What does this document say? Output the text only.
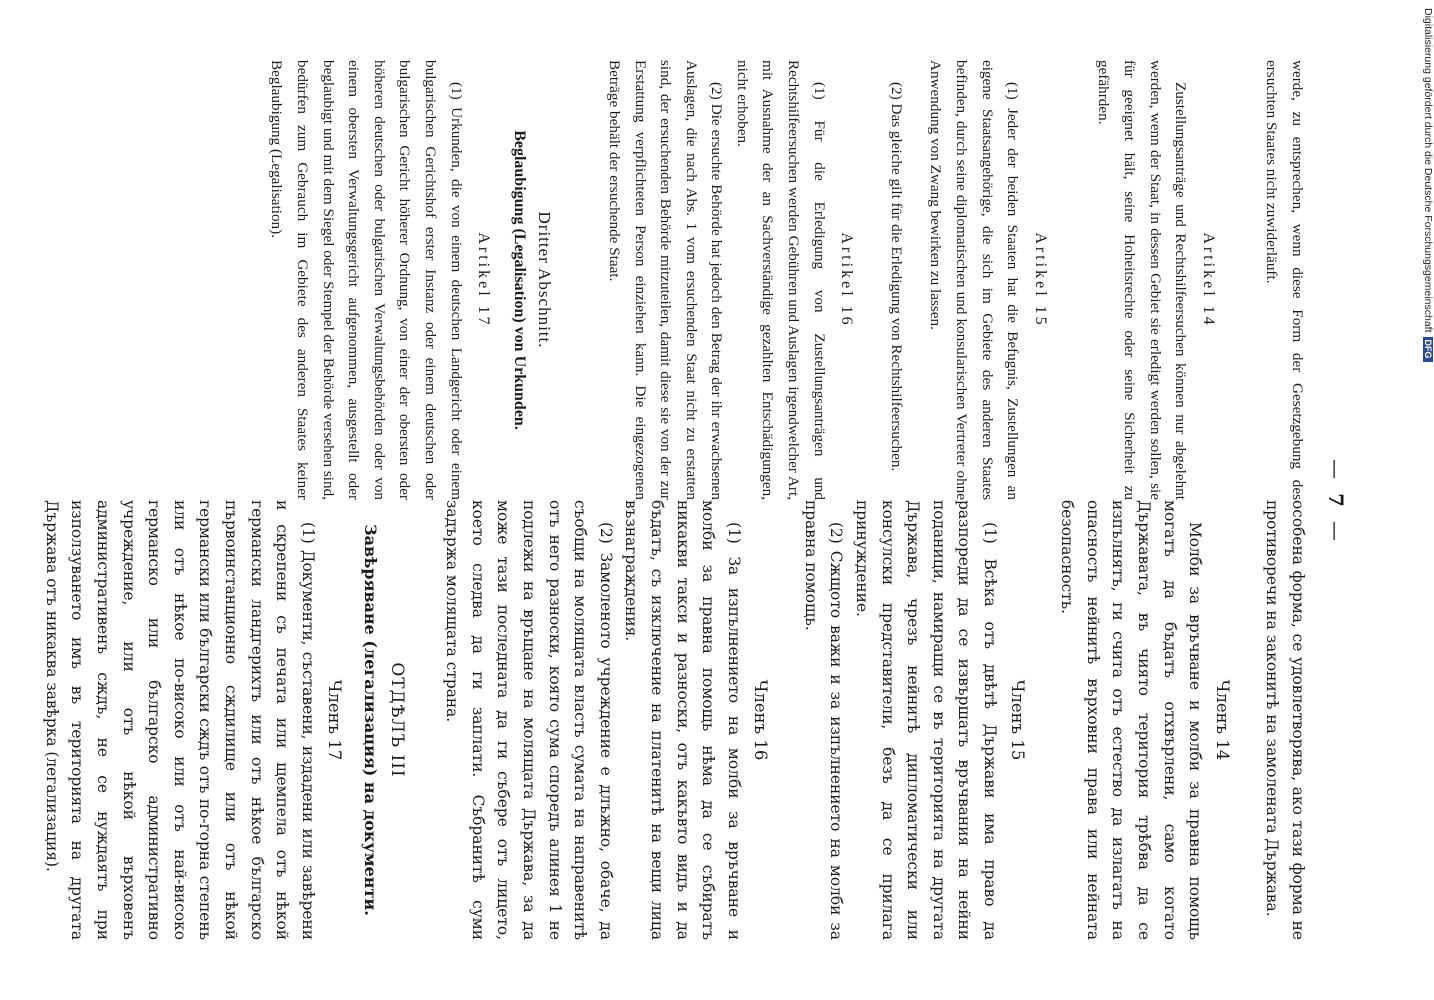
—7—

werde, zu entsprechen, wenn diese Form der Gesetzgebung des ersuchten Staates nicht zuwiderläuft.

Artikel 14

Zustellungsanträge und Rechtshilfeersuchen können nur abgelehnt werden, wenn der Staat, in dessen Gebiet sie erledigt werden sollen, sie für geeignet hält, seine Hoheitsrechte oder seine Sicherheit zu gefährden.

Artikel 15

(1) Jeder der beiden Staaten hat die Befugnis, Zustellungen an eigene Staatsangehörige, die sich im Gebiete des anderen Staates befinden, durch seine diplomatischen und konsularischen Vertreter ohne Anwendung von Zwang bewirken zu lassen.

(2) Das gleiche gilt für die Erledigung von Rechtshilfeersuchen.

Artikel 16

(1) Für die Erledigung von Zustellungsanträgen und Rechtshilfeersuchen werden Gebühren und Auslagen irgendwelcher Art, mit Ausnahme der an Sachverständige gezahlten Entschädigungen, nicht erhoben.

(2) Die ersuchte Behörde hat jedoch den Betrag der ihr erwachsenen Auslagen, die nach Abs. 1 vom ersuchenden Staat nicht zu erstatten sind, der ersuchenden Behörde mitzuteilen, damit diese sie von der zur Erstattung verpflichteten Person einziehen kann. Die eingezogenen Beträge behält der ersuchende Staat.

Dritter Abschnitt.
Beglaubigung (Legalisation) von Urkunden.
Artikel 17

(1) Urkunden, die von einem deutschen Landgericht oder einem bulgarischen Gerichtshof erster Instanz oder einem deutschen oder bulgarischen Gericht höherer Ordnung, von einer der obersten oder höheren deutschen oder bulgarischen Verwaltungsbehörden oder von einem obersten Verwaltungsgericht aufgenommen, ausgestellt oder beglaubigt und mit dem Siegel oder Stempel der Behörde versehen sind, bedürfen zum Gebrauch im Gebiete des anderen Staates keiner Beglaubigung (Legalisation).

особена форма, се удовлетворява, ако тази форма не противоречи на законитѣ на замолената Държава.

Членъ 14

Молби за връчване и молби за правна помощь могатъ да бъдатъ отхвърлени, само когато Държавата, въ чиято територия трѣбва да се изпълнятъ, ги счита отъ естество да излагатъ на опасность нейнитѣ върховни права или нейната безопасность.

Членъ 15

(1) Всѣка отъ двѣтѣ Държави има право да разпореди да се извършатъ връчвания на нейни поданици, намиращи се въ територията на другата Държава, чрезъ нейнитѣ дипломатически или консулски представители, безъ да се прилага принуждение.

(2) Сжщото важи и за изпълнението на молби за правна помощь.

Членъ 16

(1) За изпълнението на молби за връчване и молби за правна помощь нѣма да се събиратъ никакви такси и разноски, отъ какъвто видъ и да бъдатъ, съ изключение на платенитѣ на вещи лица възнаграждения.

(2) Замоленото учреждение е длъжно, обаче, да съобщи на молящата власть сумата на направенитѣ отъ него разноски, която сума споредъ алинея 1 не подлежи на връщане на молящата Държава, за да може тази последната да ги събере отъ лицето, което следва да ги заплати. Събранитѣ суми задържа молящата страна.

ОТДѢЛЪ III
Завѣряване (легализация) на документи.
Членъ 17

(1) Документи, съставени, издадени или завѣрени и скрепени съ печата или щемпела отъ нѣкой германски ландгерихтъ или отъ нѣкое българско първоинстанционно сждилище или отъ нѣкой германски или български сждъ отъ по-горна степень или отъ нѣкое по-високо или отъ най-високо германско или българско административно учреждение, или отъ нѣкой върховенъ административенъ сждъ, не се нуждаятъ при използуването имъ въ територията на другата Държава отъ никаква завѣрка (легализация).

Digitalisierung gefördert durch die Deutsche ForschungsgemeinschaftDFG
